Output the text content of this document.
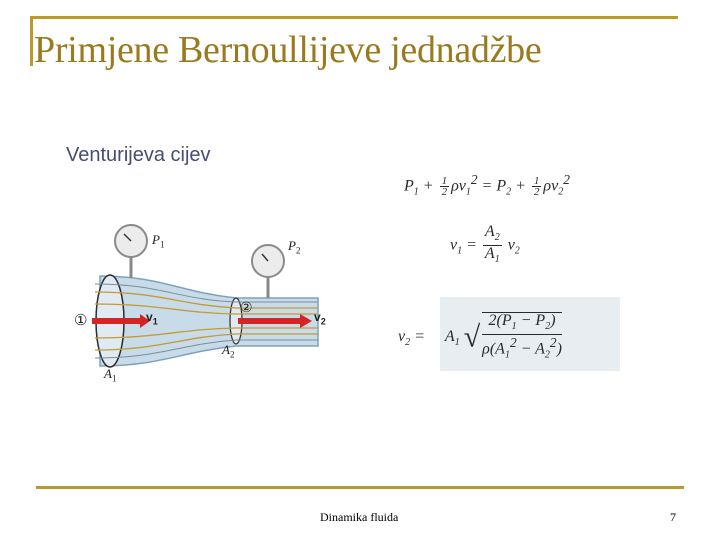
Primjene Bernoullijeve jednadžbe
Venturijeva cijev
$P_1$	$P_2$
$v_1$	$v_2$
$A_1$
$A_2$
①
②
$P_1 + \frac{1}{2} \rho v_1^2 = P_2 + \frac{1}{2} \rho v_2^2$
$v_1 = \frac{A_2}{A_1} v_2$
$v_2$ =     $A_1$ √ $\frac{2(P_1 - P_2)}{\rho(A_1^2 - A_2^2)}$
Dinamika fluida	7
